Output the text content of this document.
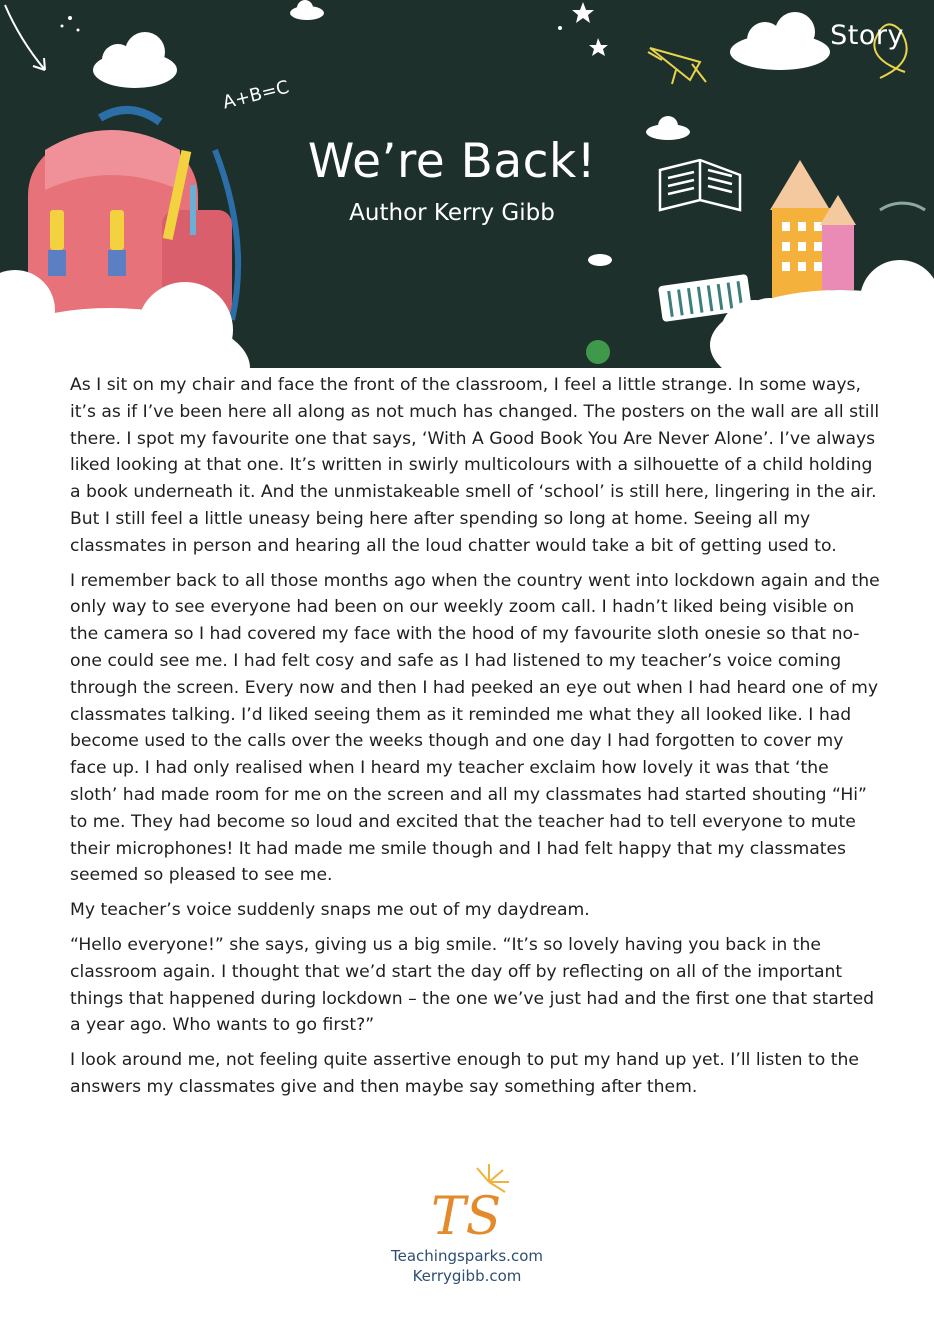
A+B=C
Story
We’re Back!
Author Kerry Gibb

As I sit on my chair and face the front of the classroom, I feel a little strange. In some ways, it’s as if I’ve been here all along as not much has changed. The posters on the wall are all still there. I spot my favourite one that says, ‘With A Good Book You Are Never Alone’. I’ve always liked looking at that one. It’s written in swirly multicolours with a silhouette of a child holding a book underneath it. And the unmistakeable smell of ‘school’ is still here, lingering in the air. But I still feel a little uneasy being here after spending so long at home. Seeing all my classmates in person and hearing all the loud chatter would take a bit of getting used to.

I remember back to all those months ago when the country went into lockdown again and the only way to see everyone had been on our weekly zoom call. I hadn’t liked being visible on the camera so I had covered my face with the hood of my favourite sloth onesie so that no-one could see me. I had felt cosy and safe as I had listened to my teacher’s voice coming through the screen. Every now and then I had peeked an eye out when I had heard one of my classmates talking. I’d liked seeing them as it reminded me what they all looked like. I had become used to the calls over the weeks though and one day I had forgotten to cover my face up. I had only realised when I heard my teacher exclaim how lovely it was that ‘the sloth’ had made room for me on the screen and all my classmates had started shouting “Hi” to me. They had become so loud and excited that the teacher had to tell everyone to mute their microphones! It had made me smile though and I had felt happy that my classmates seemed so pleased to see me.

My teacher’s voice suddenly snaps me out of my daydream.

“Hello everyone!” she says, giving us a big smile. “It’s so lovely having you back in the classroom again. I thought that we’d start the day off by reflecting on all of the important things that happened during lockdown – the one we’ve just had and the first one that started a year ago. Who wants to go first?”

I look around me, not feeling quite assertive enough to put my hand up yet. I’ll listen to the answers my classmates give and then maybe say something after them.

TS
Teachingsparks.com
Kerrygibb.com
